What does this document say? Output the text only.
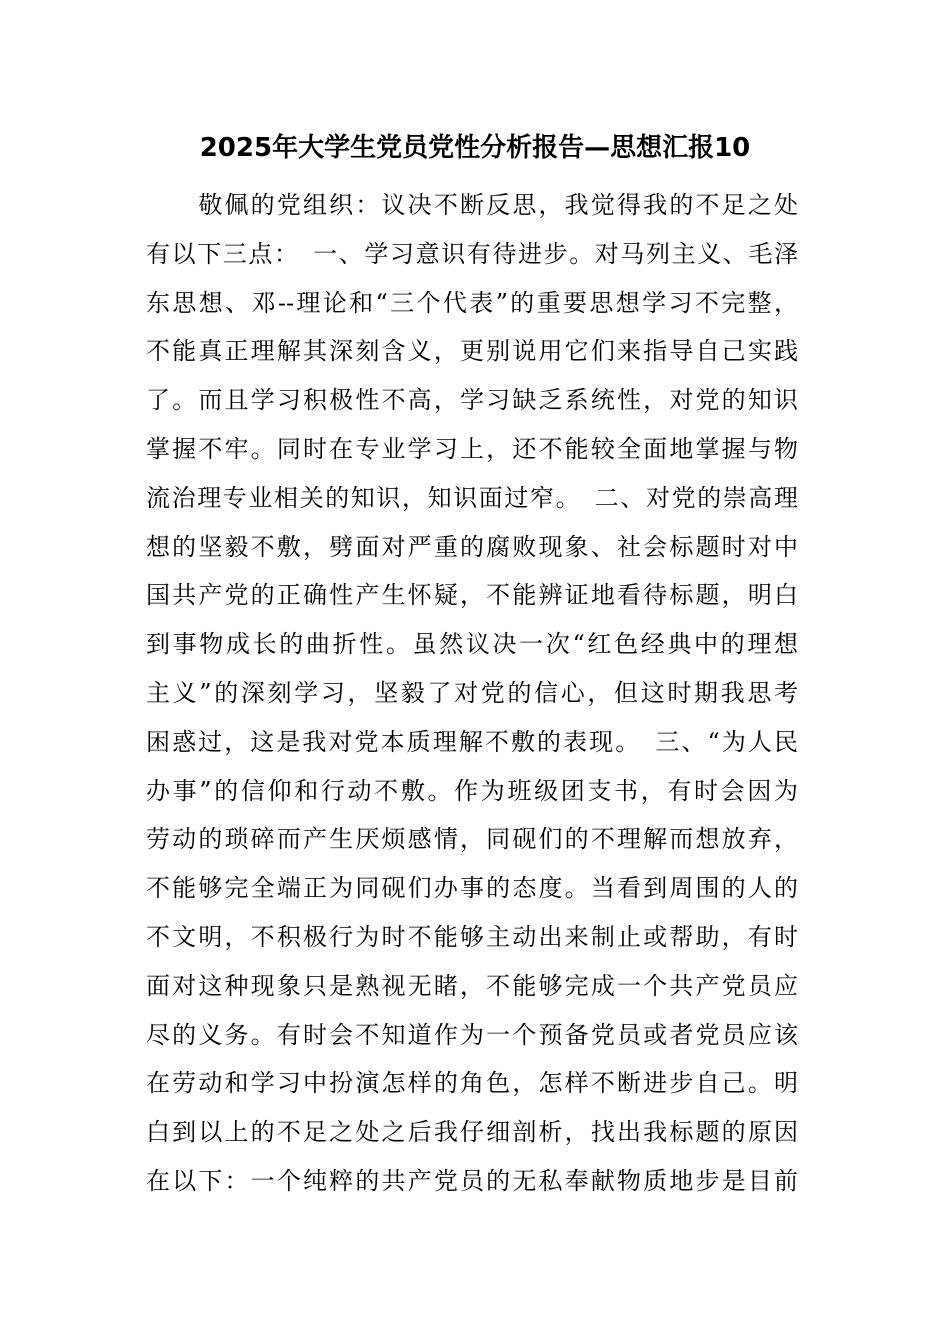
2025年大学生党员党性分析报告—思想汇报10
　　敬佩的党组织：议决不断反思，我觉得我的不足之处
有以下三点：　一、学习意识有待进步。对马列主义、毛泽
东思想、邓--理论和“三个代表”的重要思想学习不完整，
不能真正理解其深刻含义，更别说用它们来指导自己实践
了。而且学习积极性不高，学习缺乏系统性，对党的知识
掌握不牢。同时在专业学习上，还不能较全面地掌握与物
流治理专业相关的知识，知识面过窄。　二、对党的崇高理
想的坚毅不敷，劈面对严重的腐败现象、社会标题时对中
国共产党的正确性产生怀疑，不能辨证地看待标题，明白
到事物成长的曲折性。虽然议决一次“红色经典中的理想
主义”的深刻学习，坚毅了对党的信心，但这时期我思考
困惑过，这是我对党本质理解不敷的表现。　三、“为人民
办事”的信仰和行动不敷。作为班级团支书，有时会因为
劳动的琐碎而产生厌烦感情，同砚们的不理解而想放弃，
不能够完全端正为同砚们办事的态度。当看到周围的人的
不文明，不积极行为时不能够主动出来制止或帮助，有时
面对这种现象只是熟视无睹，不能够完成一个共产党员应
尽的义务。有时会不知道作为一个预备党员或者党员应该
在劳动和学习中扮演怎样的角色，怎样不断进步自己。明
白到以上的不足之处之后我仔细剖析，找出我标题的原因
在以下：一个纯粹的共产党员的无私奉献物质地步是目前
